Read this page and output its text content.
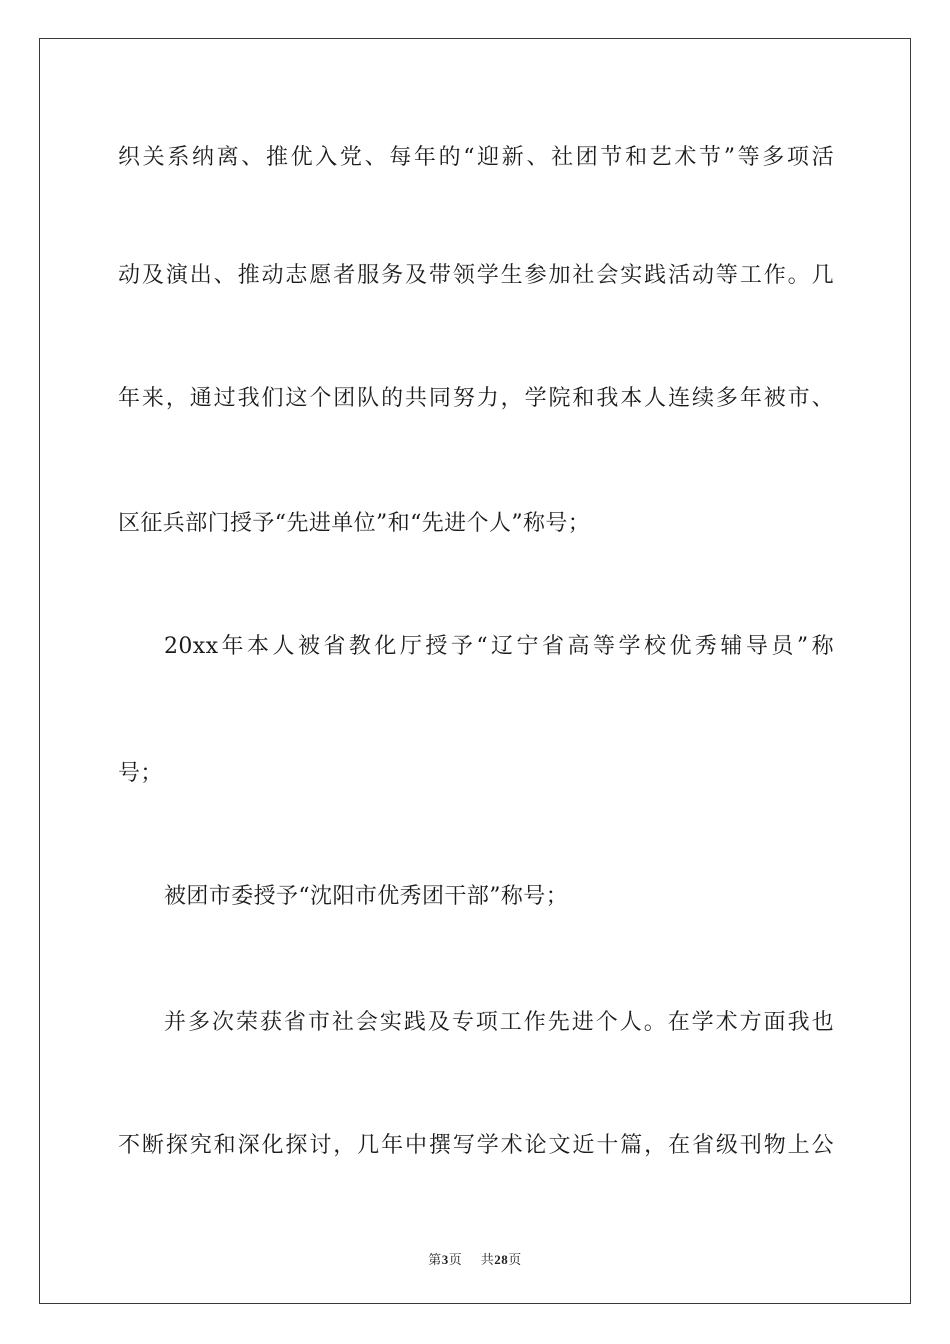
织关系纳离、推优入党、每年的“迎新、社团节和艺术节”等多项活
动及演出、推动志愿者服务及带领学生参加社会实践活动等工作。几
年来，通过我们这个团队的共同努力，学院和我本人连续多年被市、
区征兵部门授予“先进单位”和“先进个人”称号；
20xx年本人被省教化厅授予“辽宁省高等学校优秀辅导员”称
号；
被团市委授予“沈阳市优秀团干部”称号；
并多次荣获省市社会实践及专项工作先进个人。在学术方面我也
不断探究和深化探讨，几年中撰写学术论文近十篇，在省级刊物上公
第3页 共28页
